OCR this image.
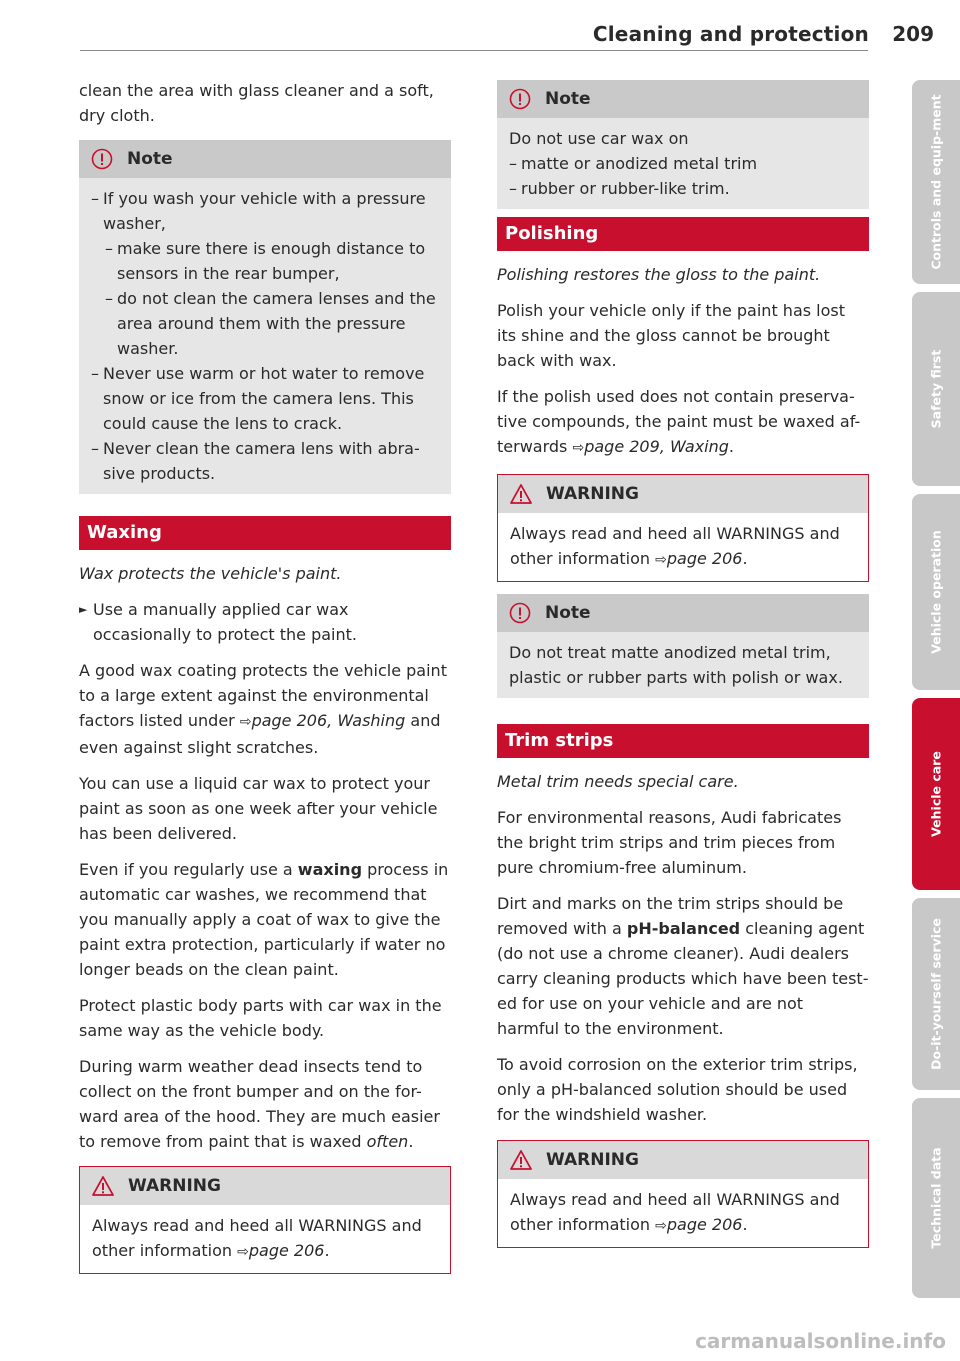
Cleaning and protection 209

clean the area with glass cleaner and a soft, dry cloth.

Note
– If you wash your vehicle with a pressure washer,
– make sure there is enough distance to sensors in the rear bumper,
– do not clean the camera lenses and the area around them with the pressure washer.
– Never use warm or hot water to remove snow or ice from the camera lens. This could cause the lens to crack.
– Never clean the camera lens with abra-sive products.
Waxing

Wax protects the vehicle's paint.

► Use a manually applied car wax occasionally to protect the paint.

A good wax coating protects the vehicle paint to a large extent against the environmental factors listed under ⇨page 206, Washing and even against slight scratches.

You can use a liquid car wax to protect your paint as soon as one week after your vehicle has been delivered.

Even if you regularly use a waxing process in automatic car washes, we recommend that you manually apply a coat of wax to give the paint extra protection, particularly if water no longer beads on the clean paint.

Protect plastic body parts with car wax in the same way as the vehicle body.

During warm weather dead insects tend to collect on the front bumper and on the for-ward area of the hood. They are much easier to remove from paint that is waxed often.

WARNING
Always read and heed all WARNINGS and other information ⇨page 206.
Note
Do not use car wax on
– matte or anodized metal trim
– rubber or rubber-like trim.
Polishing

Polishing restores the gloss to the paint.

Polish your vehicle only if the paint has lost its shine and the gloss cannot be brought back with wax.

If the polish used does not contain preserva-tive compounds, the paint must be waxed af-terwards ⇨page 209, Waxing.

WARNING
Always read and heed all WARNINGS and other information ⇨page 206.
Note
Do not treat matte anodized metal trim, plastic or rubber parts with polish or wax.
Trim strips

Metal trim needs special care.

For environmental reasons, Audi fabricates the bright trim strips and trim pieces from pure chromium-free aluminum.

Dirt and marks on the trim strips should be removed with a pH-balanced cleaning agent (do not use a chrome cleaner). Audi dealers carry cleaning products which have been test-ed for use on your vehicle and are not harmful to the environment.

To avoid corrosion on the exterior trim strips, only a pH-balanced solution should be used for the windshield washer.

WARNING
Always read and heed all WARNINGS and other information ⇨page 206.
Controls and equip-ment
Safety first
Vehicle operation
Vehicle care
Do-it-yourself service
Technical data
carmanualsonline.info
